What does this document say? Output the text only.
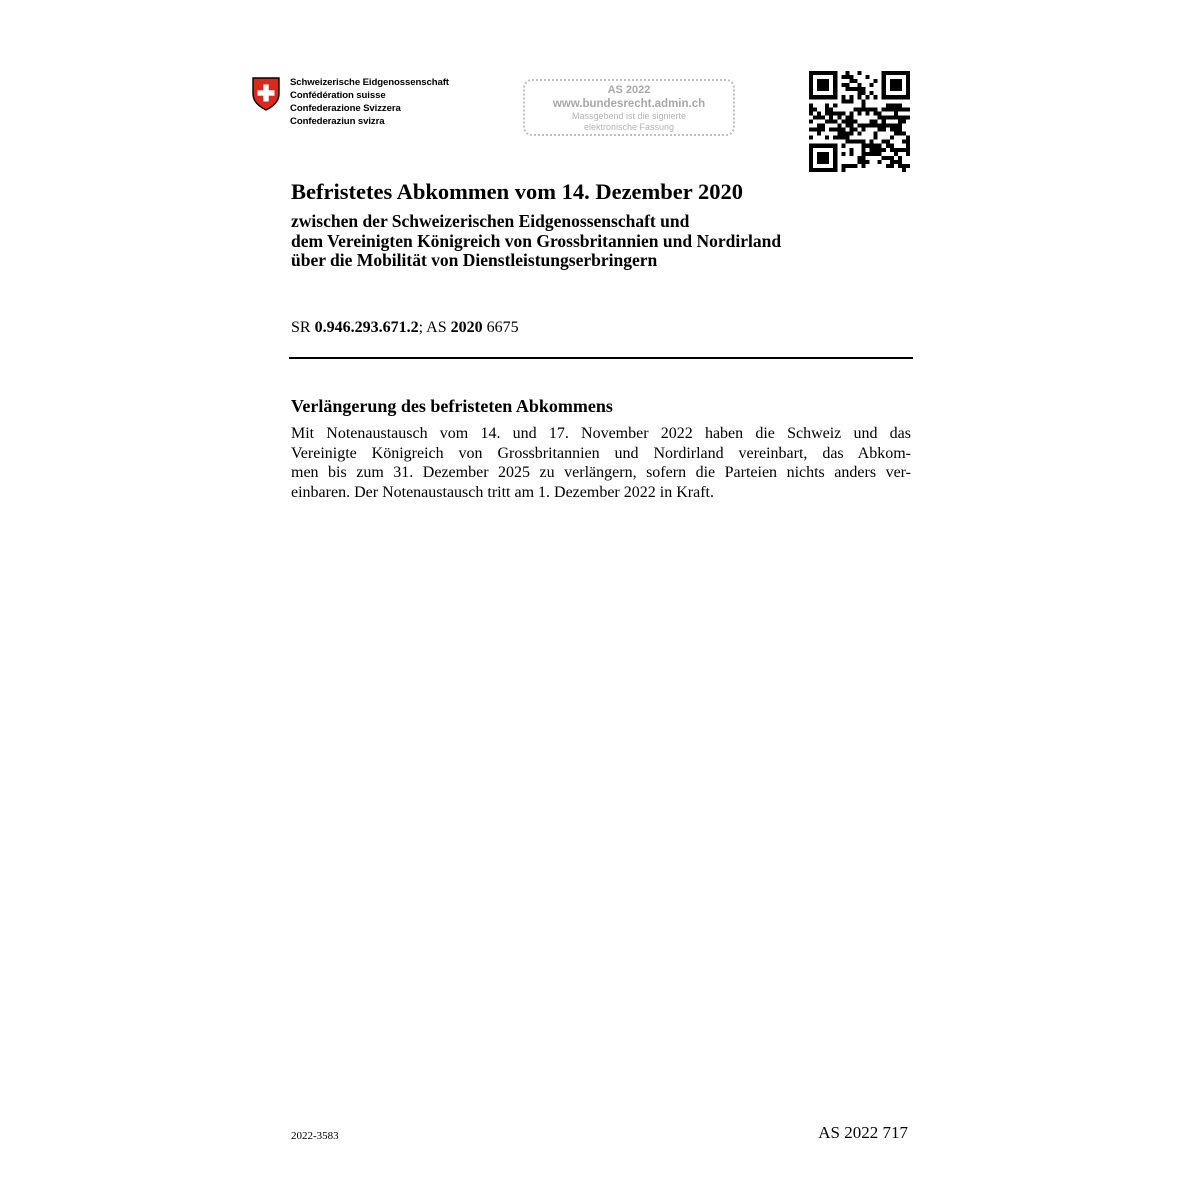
Schweizerische Eidgenossenschaft
Confédération suisse
Confederazione Svizzera
Confederaziun svizra
AS 2022
www.bundesrecht.admin.ch
Massgebend ist die signierte
elektronische Fassung
Befristetes Abkommen vom 14. Dezember 2020
zwischen der Schweizerischen Eidgenossenschaft und
dem Vereinigten Königreich von Grossbritannien und Nordirland
über die Mobilität von Dienstleistungserbringern
SR 0.946.293.671.2; AS 2020 6675
Verlängerung des befristeten Abkommens
Mit Notenaustausch vom 14. und 17. November 2022 haben die Schweiz und das
Vereinigte Königreich von Grossbritannien und Nordirland vereinbart, das Abkom-
men bis zum 31. Dezember 2025 zu verlängern, sofern die Parteien nichts anders ver-
einbaren. Der Notenaustausch tritt am 1. Dezember 2022 in Kraft.
2022-3583	AS 2022 717
